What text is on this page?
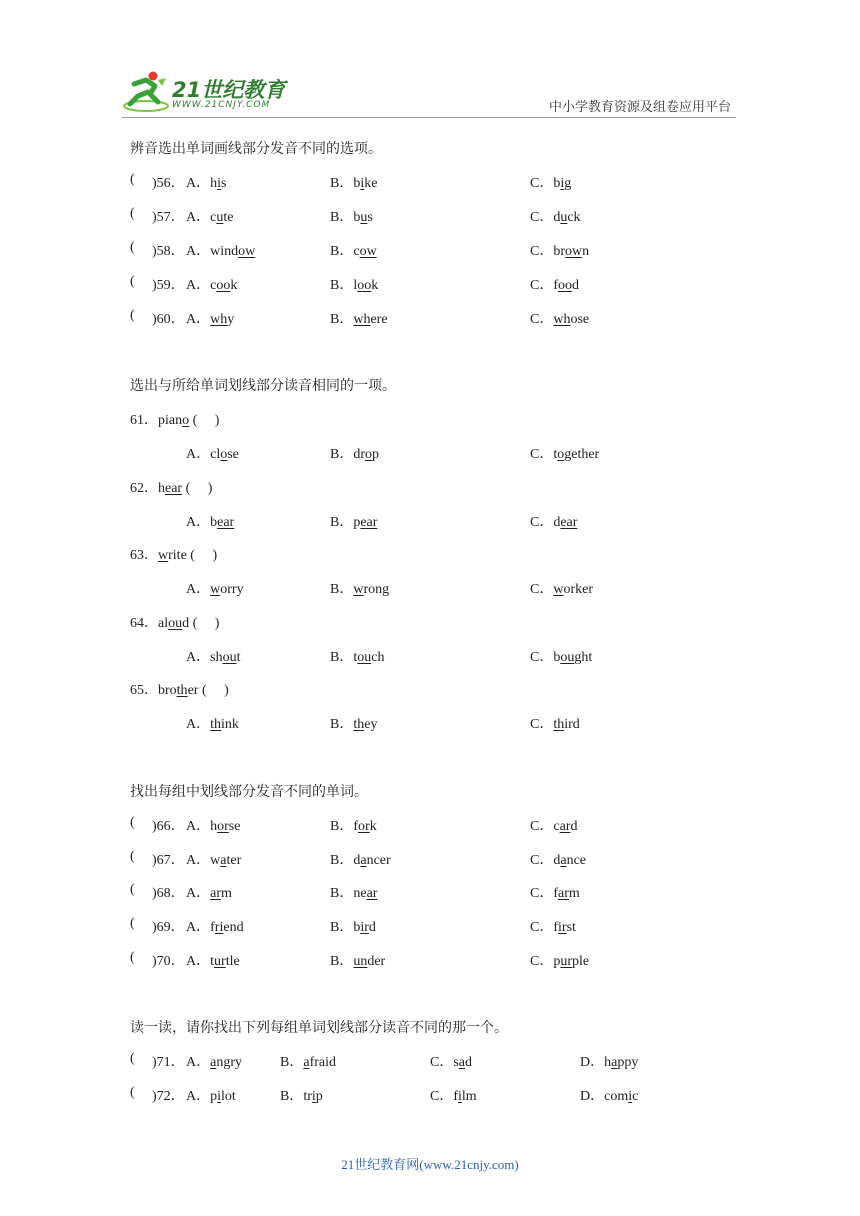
21世纪教育
WWW.21CNJY.COM	中小学教育资源及组卷应用平台
辨音选出单词画线部分发音不同的选项。
( )56． A．his	B．bike	C．big
( )57． A．cute	B．bus	C．duck
( )58． A．window	B．cow	C．brown
( )59． A．cook	B．look	C．food
( )60． A．why	B．where	C．whose
选出与所给单词划线部分读音相同的一项。
61．piano (　 )
A．close	B．drop	C．together
62．hear (　 )
A．bear	B．pear	C．dear
63．write (　 )
A．worry	B．wrong	C．worker
64．aloud (　 )
A．shout	B．touch	C．bought
65．brother (　 )
A．think	B．they	C．third
找出每组中划线部分发音不同的单词。
( )66． A．horse	B．fork	C．card
( )67． A．water	B．dancer	C．dance
( )68． A．arm	B．near	C．farm
( )69． A．friend	B．bird	C．first
( )70． A．turtle	B．under	C．purple
读一读，请你找出下列每组单词划线部分读音不同的那一个。
( )71． A．angry	B．afraid	C．sad	D．happy
( )72． A．pilot	B．trip	C．film	D．comic
21世纪教育网(www.21cnjy.com)
